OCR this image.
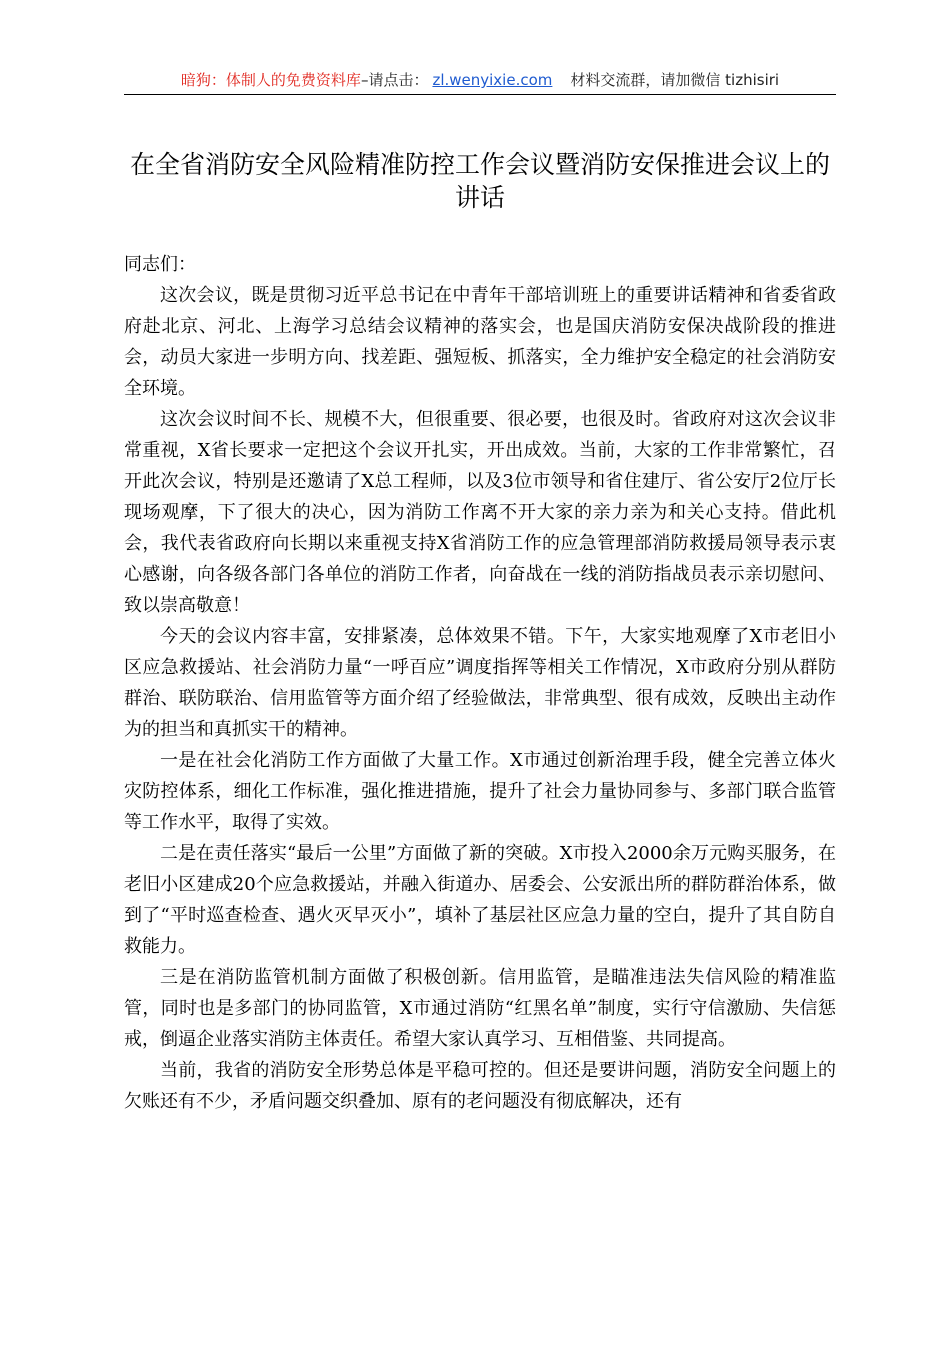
暗狗：体制人的免费资料库–请点击： zl.wenyixie.com 材料交流群，请加微信 tizhisiri
在全省消防安全风险精准防控工作会议暨消防安保推进会议上的讲话

同志们：

这次会议，既是贯彻习近平总书记在中青年干部培训班上的重要讲话精神和省委省政府赴北京、河北、上海学习总结会议精神的落实会，也是国庆消防安保决战阶段的推进会，动员大家进一步明方向、找差距、强短板、抓落实，全力维护安全稳定的社会消防安全环境。

这次会议时间不长、规模不大，但很重要、很必要，也很及时。省政府对这次会议非常重视，X省长要求一定把这个会议开扎实，开出成效。当前，大家的工作非常繁忙，召开此次会议，特别是还邀请了X总工程师，以及3位市领导和省住建厅、省公安厅2位厅长现场观摩，下了很大的决心，因为消防工作离不开大家的亲力亲为和关心支持。借此机会，我代表省政府向长期以来重视支持X省消防工作的应急管理部消防救援局领导表示衷心感谢，向各级各部门各单位的消防工作者，向奋战在一线的消防指战员表示亲切慰问、致以崇高敬意！

今天的会议内容丰富，安排紧凑，总体效果不错。下午，大家实地观摩了X市老旧小区应急救援站、社会消防力量“一呼百应”调度指挥等相关工作情况，X市政府分别从群防群治、联防联治、信用监管等方面介绍了经验做法，非常典型、很有成效，反映出主动作为的担当和真抓实干的精神。

一是在社会化消防工作方面做了大量工作。X市通过创新治理手段，健全完善立体火灾防控体系，细化工作标准，强化推进措施，提升了社会力量协同参与、多部门联合监管等工作水平，取得了实效。

二是在责任落实“最后一公里”方面做了新的突破。X市投入2000余万元购买服务，在老旧小区建成20个应急救援站，并融入街道办、居委会、公安派出所的群防群治体系，做到了“平时巡查检查、遇火灭早灭小”，填补了基层社区应急力量的空白，提升了其自防自救能力。

三是在消防监管机制方面做了积极创新。信用监管，是瞄准违法失信风险的精准监管，同时也是多部门的协同监管，X市通过消防“红黑名单”制度，实行守信激励、失信惩戒，倒逼企业落实消防主体责任。希望大家认真学习、互相借鉴、共同提高。

当前，我省的消防安全形势总体是平稳可控的。但还是要讲问题，消防安全问题上的欠账还有不少，矛盾问题交织叠加、原有的老问题没有彻底解决，还有
